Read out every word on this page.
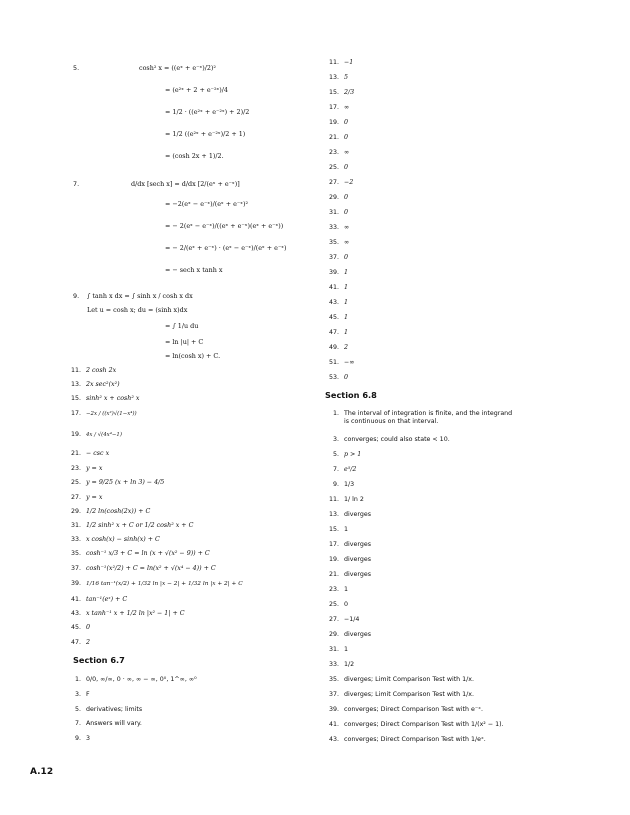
5.	cosh² x = ((eˣ + e⁻ˣ)/2)²
= (e²ˣ + 2 + e⁻²ˣ)/4
= 1/2 · ((e²ˣ + e⁻²ˣ) + 2)/2
= 1/2 ((e²ˣ + e⁻²ˣ)/2 + 1)
= (cosh 2x + 1)/2.
7.	d/dx [sech x] = d/dx [2/(eˣ + e⁻ˣ)]
= −2(eˣ − e⁻ˣ)/(eˣ + e⁻ˣ)²
= − 2(eˣ − e⁻ˣ)/((eˣ + e⁻ˣ)(eˣ + e⁻ˣ))
= − 2/(eˣ + e⁻ˣ) · (eˣ − e⁻ˣ)/(eˣ + e⁻ˣ)
= − sech x tanh x
9. ∫ tanh x dx = ∫ sinh x / cosh x dx
Let u = cosh x; du = (sinh x)dx
= ∫ 1/u du
= ln |u| + C
= ln(cosh x) + C.
11. 2 cosh 2x
13. 2x sec²(x²)
15. sinh² x + cosh² x
17. −2x / ((x²)√(1−x⁴))
19. 4x / √(4x⁴−1)
21. − csc x
23. y = x
25. y = 9/25 (x + ln 3) − 4/5
27. y = x
29. 1/2 ln(cosh(2x)) + C
31. 1/2 sinh² x + C or 1/2 cosh² x + C
33. x cosh(x) − sinh(x) + C
35. cosh⁻¹ x/3 + C = ln (x + √(x² − 9)) + C
37. cosh⁻¹(x²/2) + C = ln(x² + √(x⁴ − 4)) + C
39. 1/16 tan⁻¹(x/2) + 1/32 ln |x − 2| + 1/32 ln |x + 2| + C
41. tan⁻¹(eˣ) + C
43. x tanh⁻¹ x + 1/2 ln |x² − 1| + C
45. 0
47. 2
Section 6.7
1. 0/0, ∞/∞, 0 · ∞, ∞ − ∞, 0⁰, 1^∞, ∞⁰
3. F
5. derivatives; limits
7. Answers will vary.
9. 3
11. −1
13. 5
15. 2/3
17. ∞
19. 0
21. 0
23. ∞
25. 0
27. −2
29. 0
31. 0
33. ∞
35. ∞
37. 0
39. 1
41. 1
43. 1
45. 1
47. 1
49. 2
51. −∞
53. 0
Section 6.8
1. The interval of integration is finite, and the integrand is continuous on that interval.
3. converges; could also state < 10.
5. p > 1
7. e⁵/2
9. 1/3
11. 1/ ln 2
13. diverges
15. 1
17. diverges
19. diverges
21. diverges
23. 1
25. 0
27. −1/4
29. diverges
31. 1
33. 1/2
35. diverges; Limit Comparison Test with 1/x.
37. diverges; Limit Comparison Test with 1/x.
39. converges; Direct Comparison Test with e⁻ˣ.
41. converges; Direct Comparison Test with 1/(x² − 1).
43. converges; Direct Comparison Test with 1/eˣ.
A.12
